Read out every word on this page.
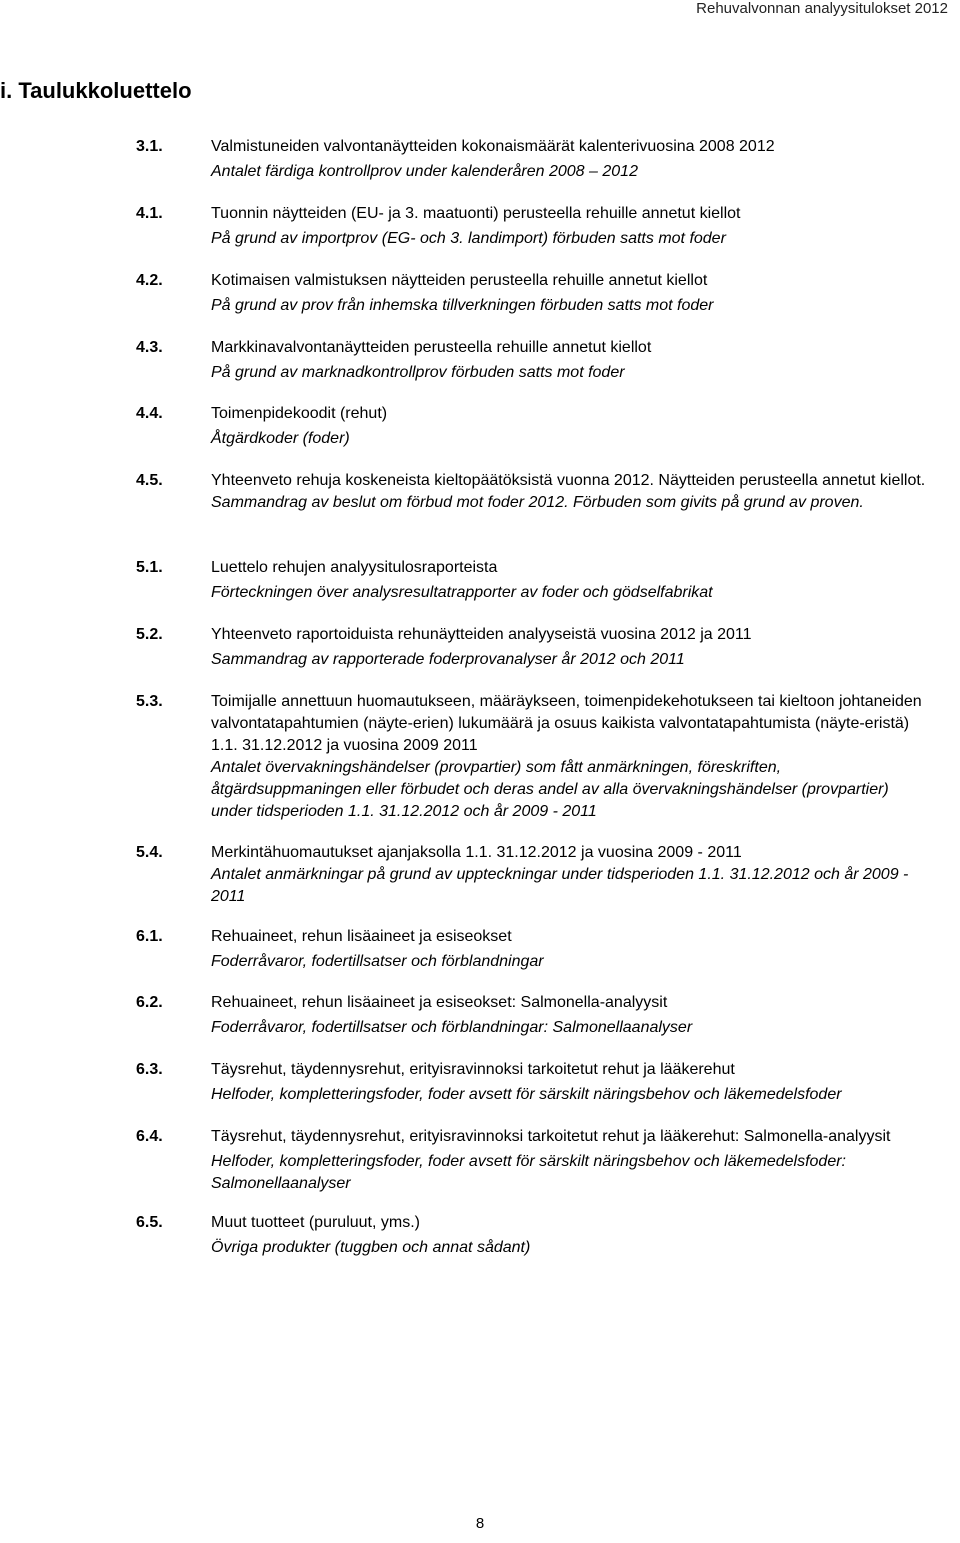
Rehuvalvonnan analyysitulokset 2012
i. Taulukkoluettelo
3.1.	Valmistuneiden valvontanäytteiden kokonaismäärät kalenterivuosina 2008 2012
Antalet färdiga kontrollprov under kalenderåren 2008 – 2012
4.1.	Tuonnin näytteiden (EU- ja 3. maatuonti) perusteella rehuille annetut kiellot
På grund av importprov (EG- och 3. landimport) förbuden satts mot foder
4.2.	Kotimaisen valmistuksen näytteiden perusteella rehuille annetut kiellot
På grund av prov från inhemska tillverkningen förbuden satts mot foder
4.3.	Markkinavalvontanäytteiden perusteella rehuille annetut kiellot
På grund av marknadkontrollprov förbuden satts mot foder
4.4.	Toimenpidekoodit (rehut)
Åtgärdkoder (foder)
4.5.	Yhteenveto rehuja koskeneista kieltopäätöksistä vuonna 2012. Näytteiden perusteella annetut kiellot.
Sammandrag av beslut om förbud mot foder 2012. Förbuden som givits på grund av proven.
5.1.	Luettelo rehujen analyysitulosraporteista
Förteckningen över analysresultatrapporter av foder och gödselfabrikat
5.2.	Yhteenveto raportoiduista rehunäytteiden analyyseistä vuosina 2012 ja 2011
Sammandrag av rapporterade foderprovanalyser år 2012 och 2011
5.3.	Toimijalle annettuun huomautukseen, määräykseen, toimenpidekehotukseen tai kieltoon johtaneiden valvontatapahtumien (näyte-erien) lukumäärä ja osuus kaikista valvontatapahtumista (näyte-eristä) 1.1. 31.12.2012 ja vuosina 2009 2011
Antalet övervakningshändelser (provpartier) som fått anmärkningen, föreskriften, åtgärdsuppmaningen eller förbudet och deras andel av alla övervakningshändelser (provpartier) under tidsperioden 1.1. 31.12.2012 och år 2009 - 2011
5.4.	Merkintähuomautukset ajanjaksolla 1.1. 31.12.2012 ja vuosina 2009 - 2011
Antalet anmärkningar på grund av uppteckningar under tidsperioden 1.1. 31.12.2012 och år 2009 - 2011
6.1.	Rehuaineet, rehun lisäaineet ja esiseokset
Foderråvaror, fodertillsatser och förblandningar
6.2.	Rehuaineet, rehun lisäaineet ja esiseokset: Salmonella-analyysit
Foderråvaror, fodertillsatser och förblandningar: Salmonellaanalyser
6.3.	Täysrehut, täydennysrehut, erityisravinnoksi tarkoitetut rehut ja lääkerehut
Helfoder, kompletteringsfoder, foder avsett för särskilt näringsbehov och läkemedelsfoder
6.4.	Täysrehut, täydennysrehut, erityisravinnoksi tarkoitetut rehut ja lääkerehut: Salmonella-analyysit
Helfoder, kompletteringsfoder, foder avsett för särskilt näringsbehov och läkemedelsfoder: Salmonellaanalyser
6.5.	Muut tuotteet (puruluut, yms.)
Övriga produkter (tuggben och annat sådant)
8
